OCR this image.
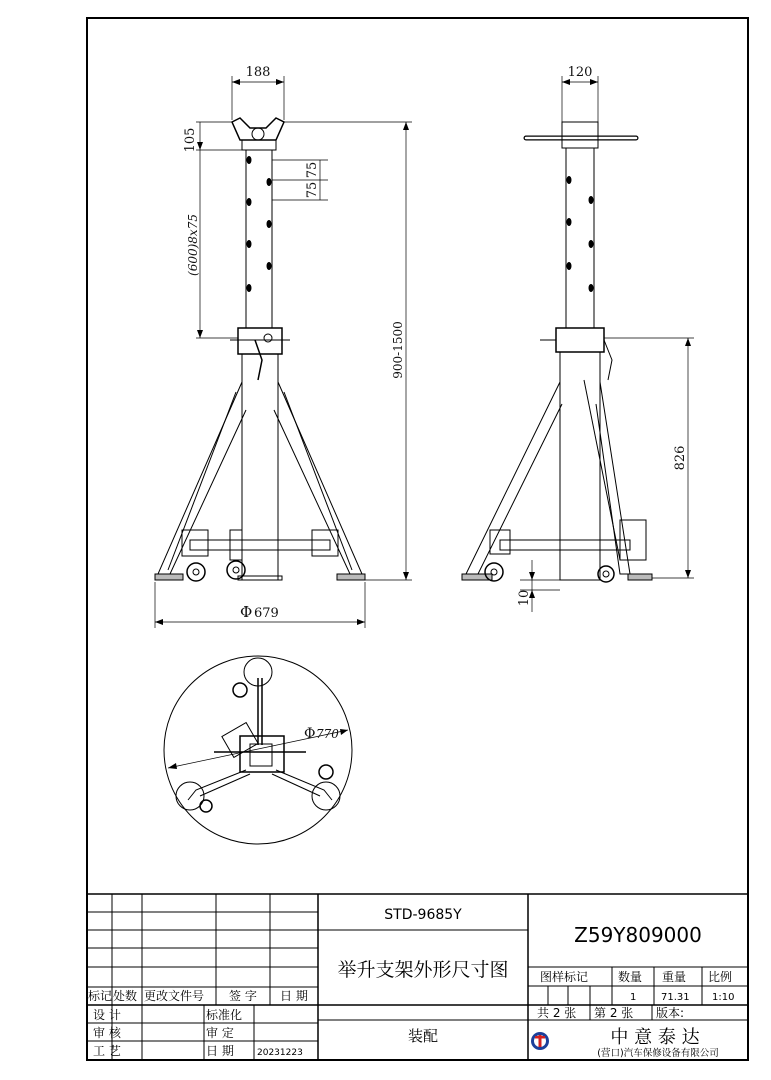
188
105
75
75
(600)8x75
900-1500
Φ 679
120
826
10
Φ 770
STD-9685Y
Z59Y809000
举升支架外形尺寸图
装配
标记 处数 更改文件号 签 字 日 期
设 计
审 核
工 艺
标准化
审 定
日 期	20231223
图样标记 数量 重量 比例
1 71.31 1:10
共 2 张 第 2 张 版本:
中 意 泰 达
(营口)汽车保修设备有限公司
